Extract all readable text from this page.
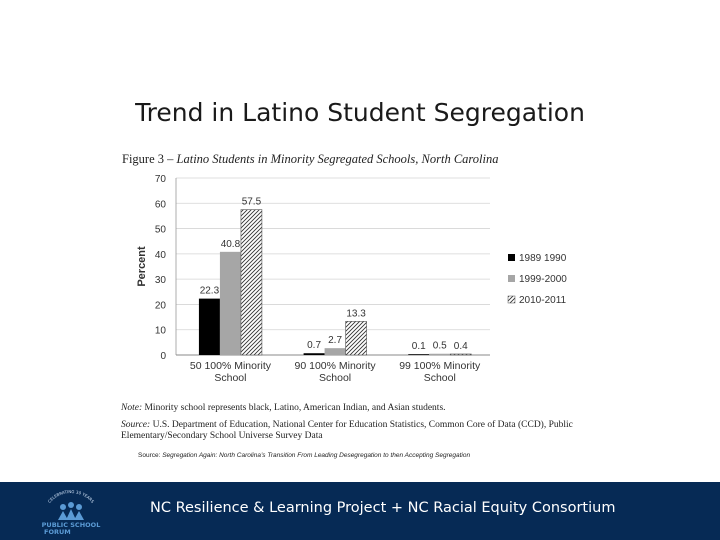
Trend in Latino Student Segregation
Figure 3 – Latino Students in Minority Segregated Schools, North Carolina
0
10
20
30
40
50
60
70
Percent
22.3
40.8
57.5
50 100% Minority
School
0.7 2.7
13.3
90 100% Minority
School
0.1 0.5 0.4
99 100% Minority
School
1989 1990
1999-2000
2010-2011
Note: Minority school represents black, Latino, American Indian, and Asian students.
Source: U.S. Department of Education, National Center for Education Statistics, Common Core of Data (CCD), Public Elementary/Secondary School Universe Survey Data
Source: Segregation Again: North Carolina’s Transition From Leading Desegregation to then Accepting Segregation
CELEBRATING 30 YEARS
PUBLIC SCHOOL
FORUM
NC Resilience & Learning Project + NC Racial Equity Consortium
